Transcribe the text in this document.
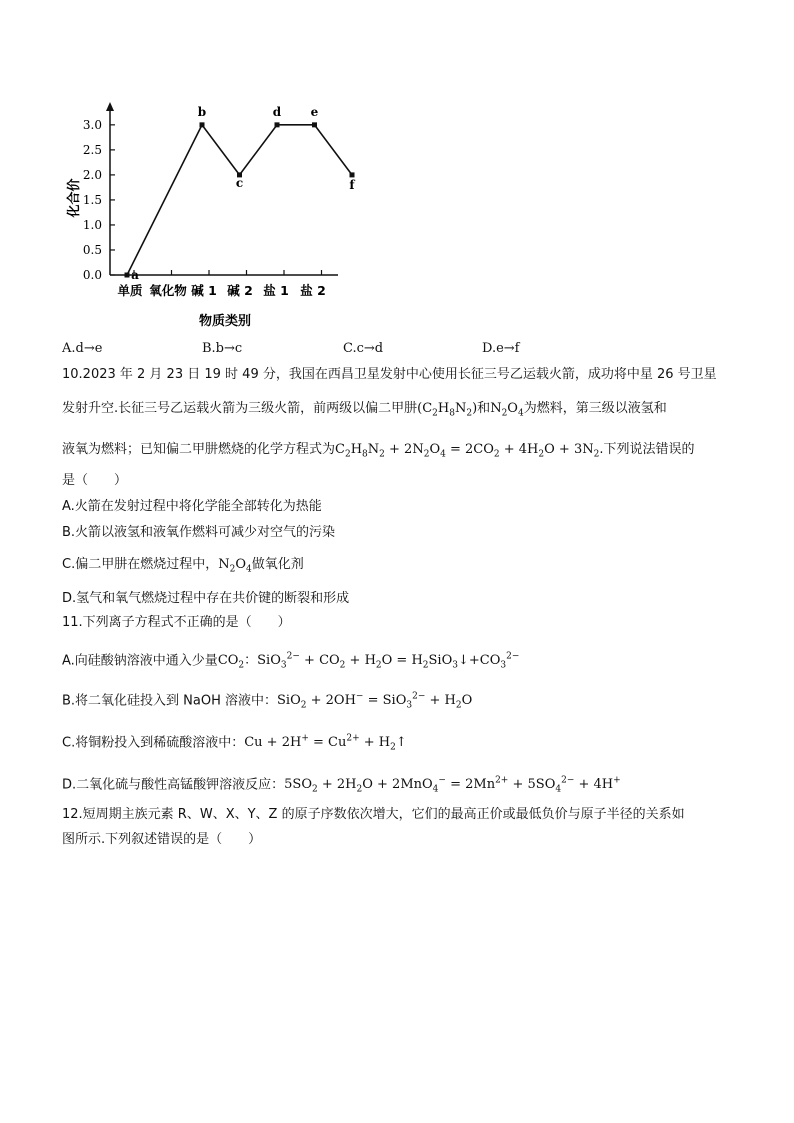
0.0
0.5
1.0
1.5
2.0
2.5
3.0
a
b
c
d e
f
单质 氧化物 碱 1 碱 2 盐 1 盐 2
化合价
物质类别
A.d→e	B.b→c	C.c→d	D.e→f
10.2023 年 2 月 23 日 19 时 49 分，我国在西昌卫星发射中心使用长征三号乙运载火箭，成功将中星 26 号卫星
发射升空.长征三号乙运载火箭为三级火箭，前两级以偏二甲肼$(C_2H_8N_2)$和$N_2O_4$为燃料，第三级以液氢和
液氧为燃料；已知偏二甲肼燃烧的化学方程式为$C_2H_8N_2 + 2N_2O_4 = 2CO_2 + 4H_2O + 3N_2$.下列说法错误的
是（　　）
A.火箭在发射过程中将化学能全部转化为热能
B.火箭以液氢和液氧作燃料可减少对空气的污染
C.偏二甲肼在燃烧过程中，$N_2O_4$做氧化剂
D.氢气和氧气燃烧过程中存在共价键的断裂和形成
11.下列离子方程式不正确的是（　　）
A.向硅酸钠溶液中通入少量$CO_2$：$SiO_3^{2-} + CO_2 + H_2O$ = $H_2SiO_3↓+CO_3^{2-}$
B.将二氧化硅投入到 NaOH 溶液中：$SiO_2 + 2OH^- = SiO_3^{2-} + H_2O$
C.将铜粉投入到稀硫酸溶液中：$Cu + 2H^+ = Cu^{2+}$ + $H_2↑$
D.二氧化硫与酸性高锰酸钾溶液反应：$5SO_2 + 2H_2O + 2MnO_4^- = 2Mn^{2+} + 5SO_4^{2-} + 4H^+$
12.短周期主族元素 R、W、X、Y、Z 的原子序数依次增大，它们的最高正价或最低负价与原子半径的关系如
图所示.下列叙述错误的是（　　）
